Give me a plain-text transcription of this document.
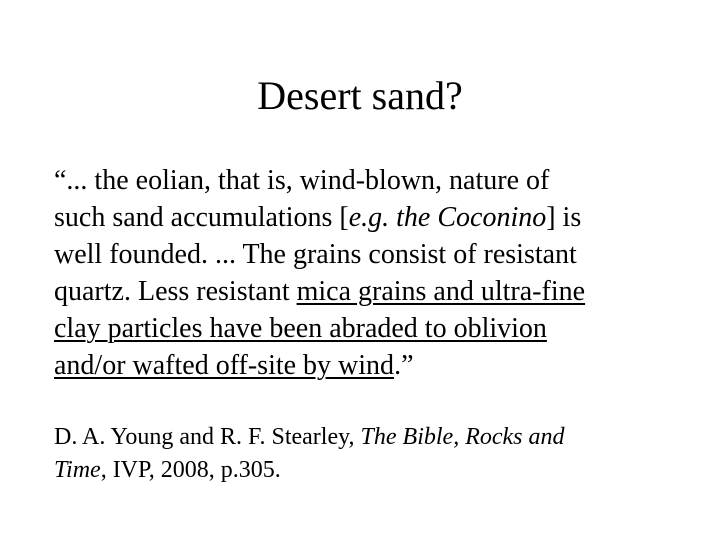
Desert sand?

“... the eolian, that is, wind-blown, nature of
such sand accumulations [e.g. the Coconino] is
well founded. ... The grains consist of resistant
quartz. Less resistant mica grains and ultra-fine
clay particles have been abraded to oblivion
and/or wafted off-site by wind.”

D. A. Young and R. F. Stearley, The Bible, Rocks and
Time, IVP, 2008, p.305.
